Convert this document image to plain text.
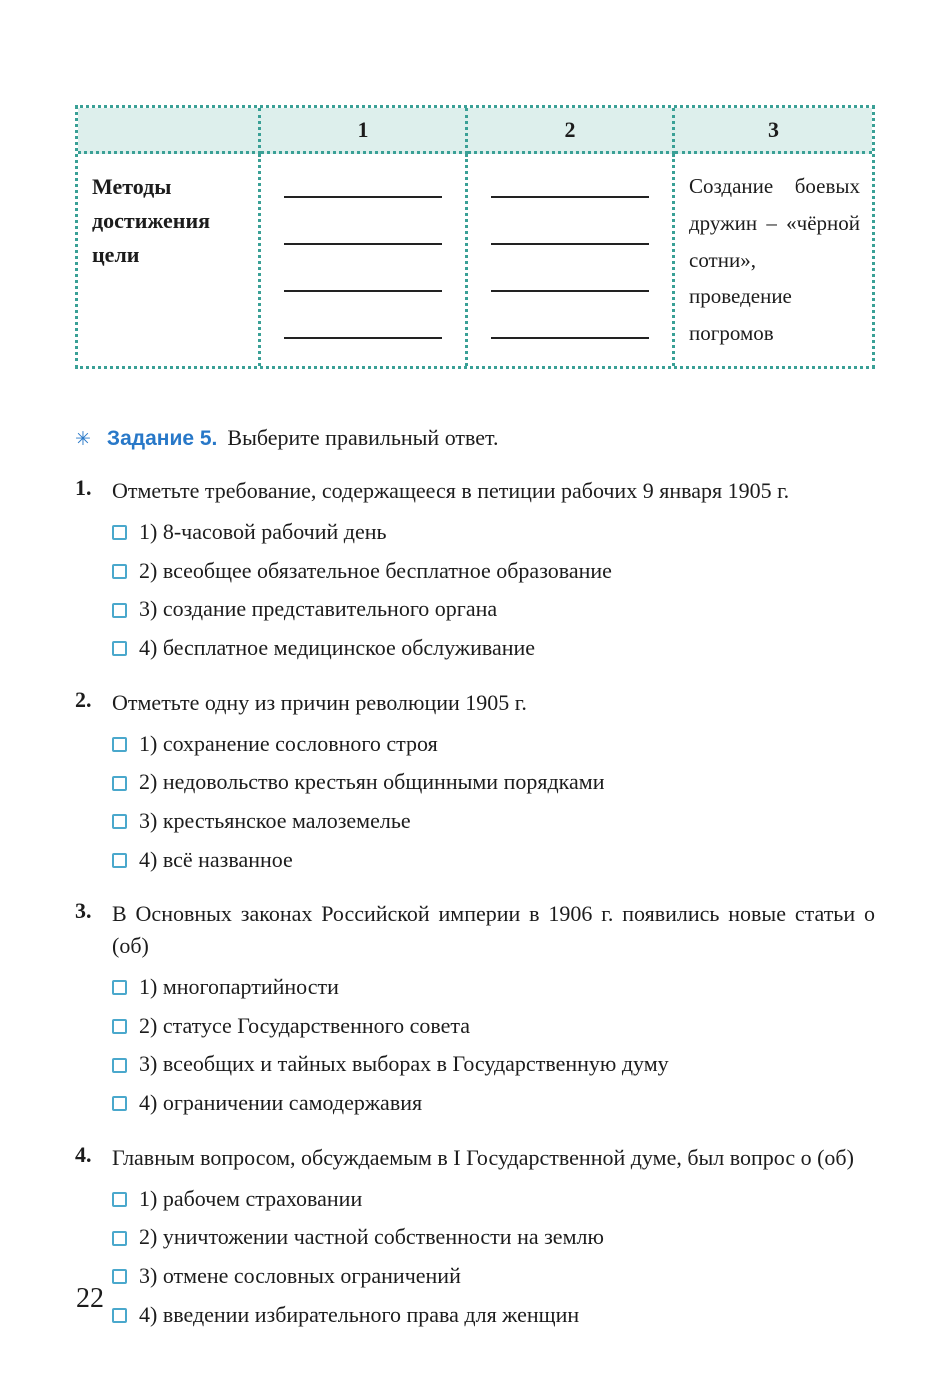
1	2	3
Методы достижения цели
Создание боевых дружин – «чёрной сотни», проведение погромов
✳ Задание 5. Выберите правильный ответ.
1. Отметьте требование, содержащееся в петиции рабочих 9 января 1905 г.
1) 8-часовой рабочий день
2) всеобщее обязательное бесплатное образование
3) создание представительного органа
4) бесплатное медицинское обслуживание
2. Отметьте одну из причин революции 1905 г.
1) сохранение сословного строя
2) недовольство крестьян общинными порядками
3) крестьянское малоземелье
4) всё названное
3. В Основных законах Российской империи в 1906 г. появились новые статьи о (об)
1) многопартийности
2) статусе Государственного совета
3) всеобщих и тайных выборах в Государственную думу
4) ограничении самодержавия
4. Главным вопросом, обсуждаемым в I Государственной думе, был вопрос о (об)
1) рабочем страховании
2) уничтожении частной собственности на землю
3) отмене сословных ограничений
4) введении избирательного права для женщин
22
